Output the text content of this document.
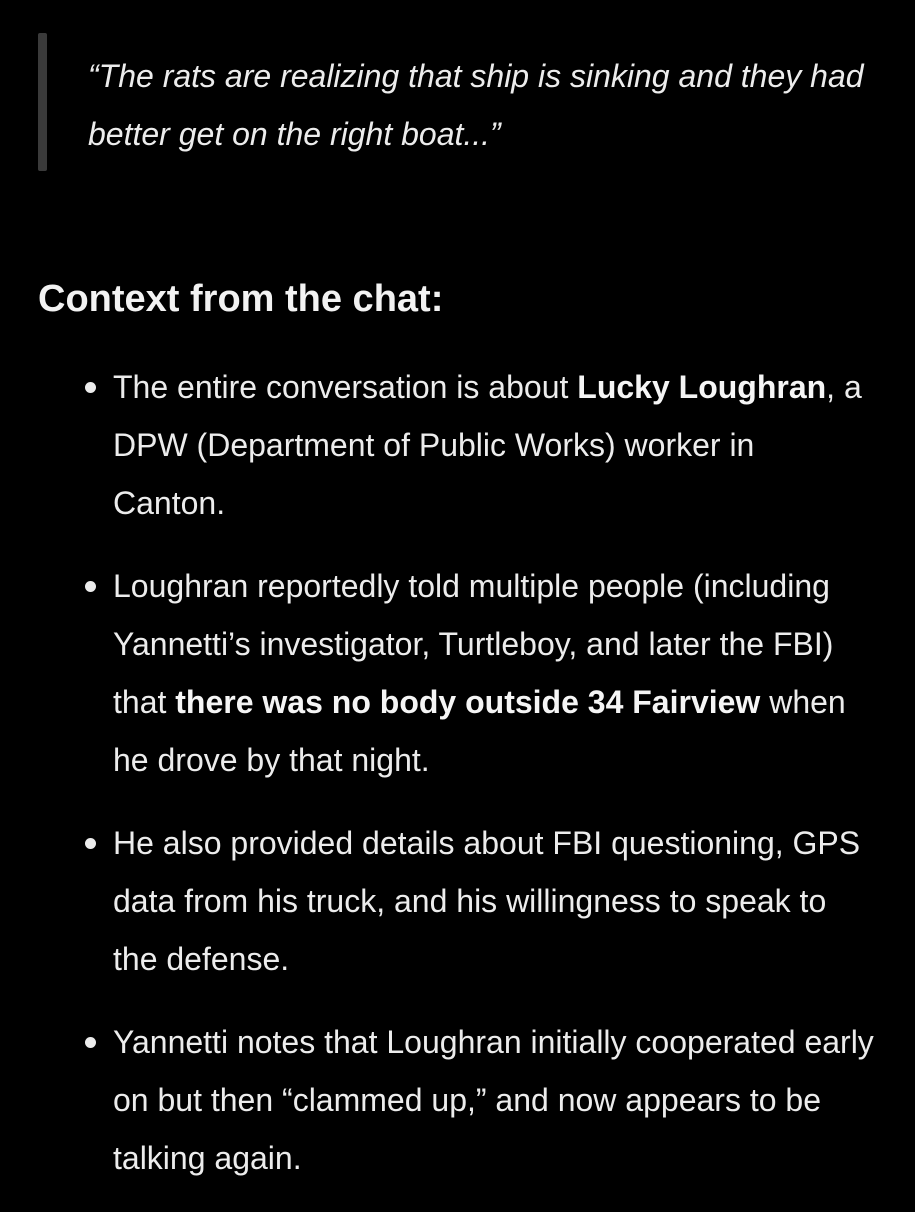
“The rats are realizing that ship is sinking and they had better get on the right boat...”

Context from the chat:
The entire conversation is about Lucky Loughran, a DPW (Department of Public Works) worker in Canton.
Loughran reportedly told multiple people (including Yannetti’s investigator, Turtleboy, and later the FBI) that there was no body outside 34 Fairview when he drove by that night.
He also provided details about FBI questioning, GPS data from his truck, and his willingness to speak to the defense.
Yannetti notes that Loughran initially cooperated early on but then “clammed up,” and now appears to be talking again.
